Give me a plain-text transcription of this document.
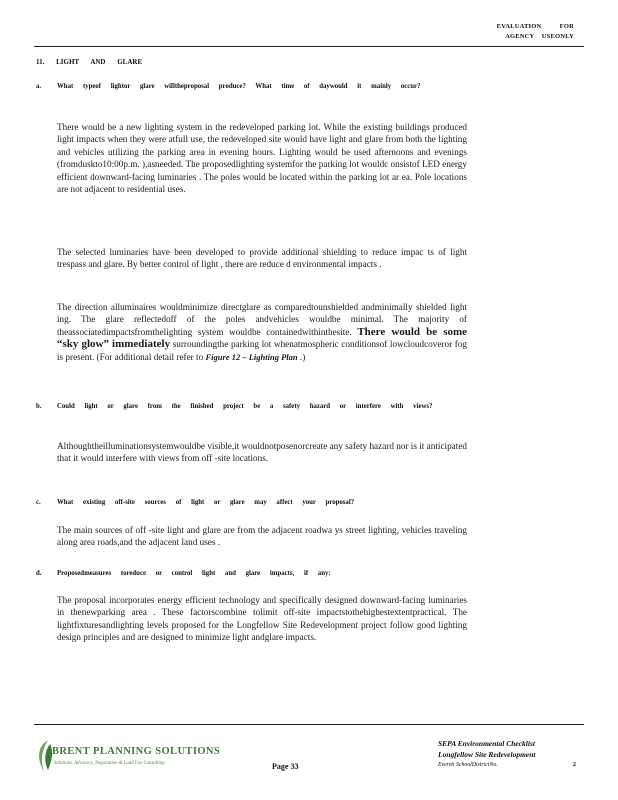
EVALUATION	FOR
AGENCY USEONLY
11. LIGHT AND GLARE
a. What typeof lightor glare willtheproposal produce? What time of daywould it mainly occur?
There would be a new lighting system in the redeveloped parking lot. While the existing buildings produced light impacts when they were atfull use, the redeveloped site would have light and glare from both the lighting and vehicles utilizing the parking area in evening hours. Lighting would be used afternoons and evenings (fromdusktо10:00p.m. ),asneeded. The proposedlighting systemfor the parking lot wouldc onsistof LED energy efficient downward-facing luminaries . The poles would be located within the parking lot ar ea. Pole locations are not adjacent to residential uses.
The selected luminaries have been developed to provide additional shielding to reduce impac ts of light trespass and glare. By better control of light , there are reduce d environmental impacts .
The direction alluminaires wouldminimize directglare as comparedtounshielded andminimally shielded light ing. The glare reflectedoff of the poles andvehicles wouldbe minimal. The majority of theassociatedimpactsfromthelighting system wouldbe containedwithinthesite. There would be some “sky glow” immediately surroundingthe parking lot whenatmospheric conditionsof lowcloudcoveror fog is present. (For additional detail refer to Figure 12 – Lighting Plan .)
b. Could light or glare from the finished project be a safety hazard or interfere with views?
Althoughtheilluminationsystemwouldbe visible,it wouldnotposenorcreate any safety hazard nor is it anticipated that it would interfere with views from off -site locations.
c. What existing off-site sources of light or glare may affect your proposal?
The main sources of off -site light and glare are from the adjacent roadwa ys street lighting, vehicles traveling along area roads,and the adjacent land uses .
d. Proposedmeasures toreduce or control light and glare impacts, if any:
The proposal incorporates energy efficient technology and specifically designed downward-facing luminaries in thenewparking area . These factorscombine tolimit off-site impactstothehighestextentpractical. The lightfixturesandlighting levels proposed for the Longfellow Site Redevelopment project follow good lighting design principles and are designed to minimize light andglare impacts.
BRENT PLANNING SOLUTIONS
Solutions, Advocacy, Negotiation & Land Use Consulting	Page 33
SEPA Environmental Checklist
Longfellow Site Redevelopment
Everett SchoolDistrictNo.	2
